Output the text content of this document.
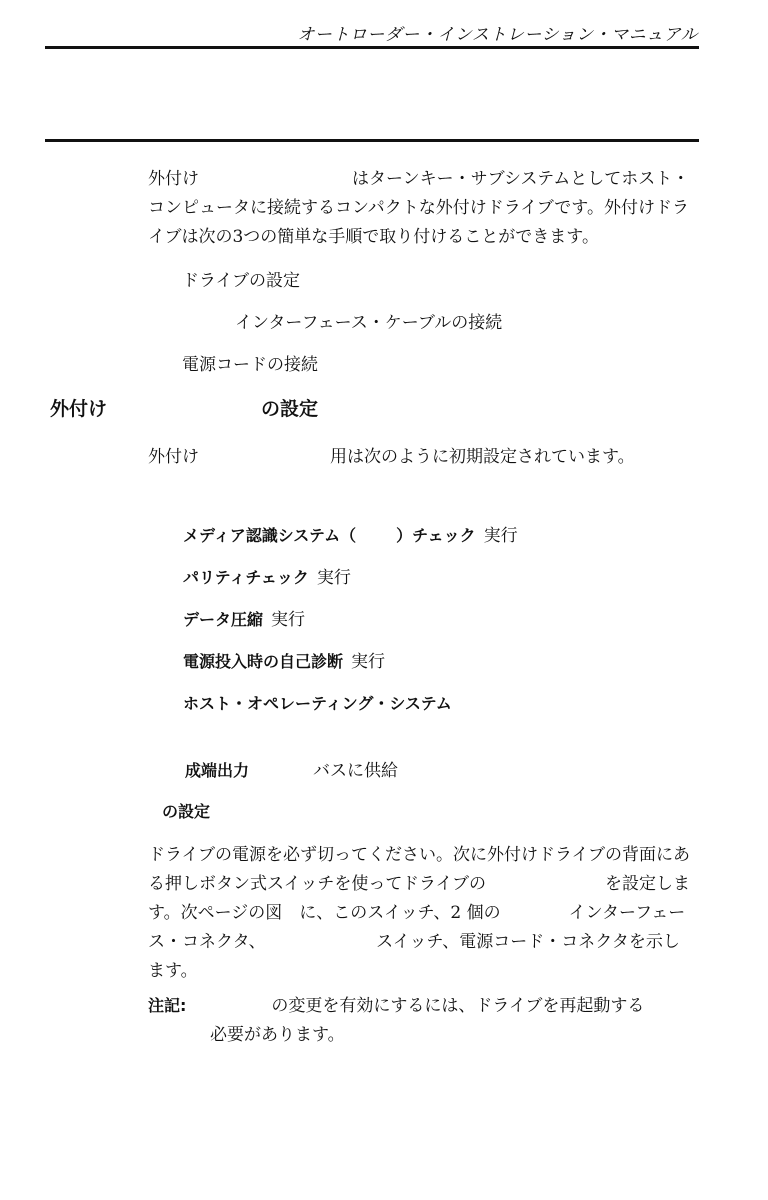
オートローダー・インストレーション・マニュアル

外付け　　　　　　　　　はターンキー・サブシステムとしてホスト・コンピュータに接続するコンパクトな外付けドライブです。外付けドライブは次の3つの簡単な手順で取り付けることができます。

ドライブの設定
インターフェース・ケーブルの接続
電源コードの接続
外付け	の設定
外付け	用は次のように初期設定されています。
メディア認識システム（	）チェック 実行
パリティチェック 実行
データ圧縮 実行
電源投入時の自己診断 実行
ホスト・オペレーティング・システム
成端出力	バスに供給
の設定

ドライブの電源を必ず切ってください。次に外付けドライブの背面にある押しボタン式スイッチを使ってドライブの　　　　　　　を設定します。次ページの図　に、このスイッチ、2 個の　　　　インターフェース・コネクタ、　　　　　　　スイッチ、電源コード・コネクタを示します。

注記:　　　　　の変更を有効にするには、ドライブを再起動する
必要があります。
